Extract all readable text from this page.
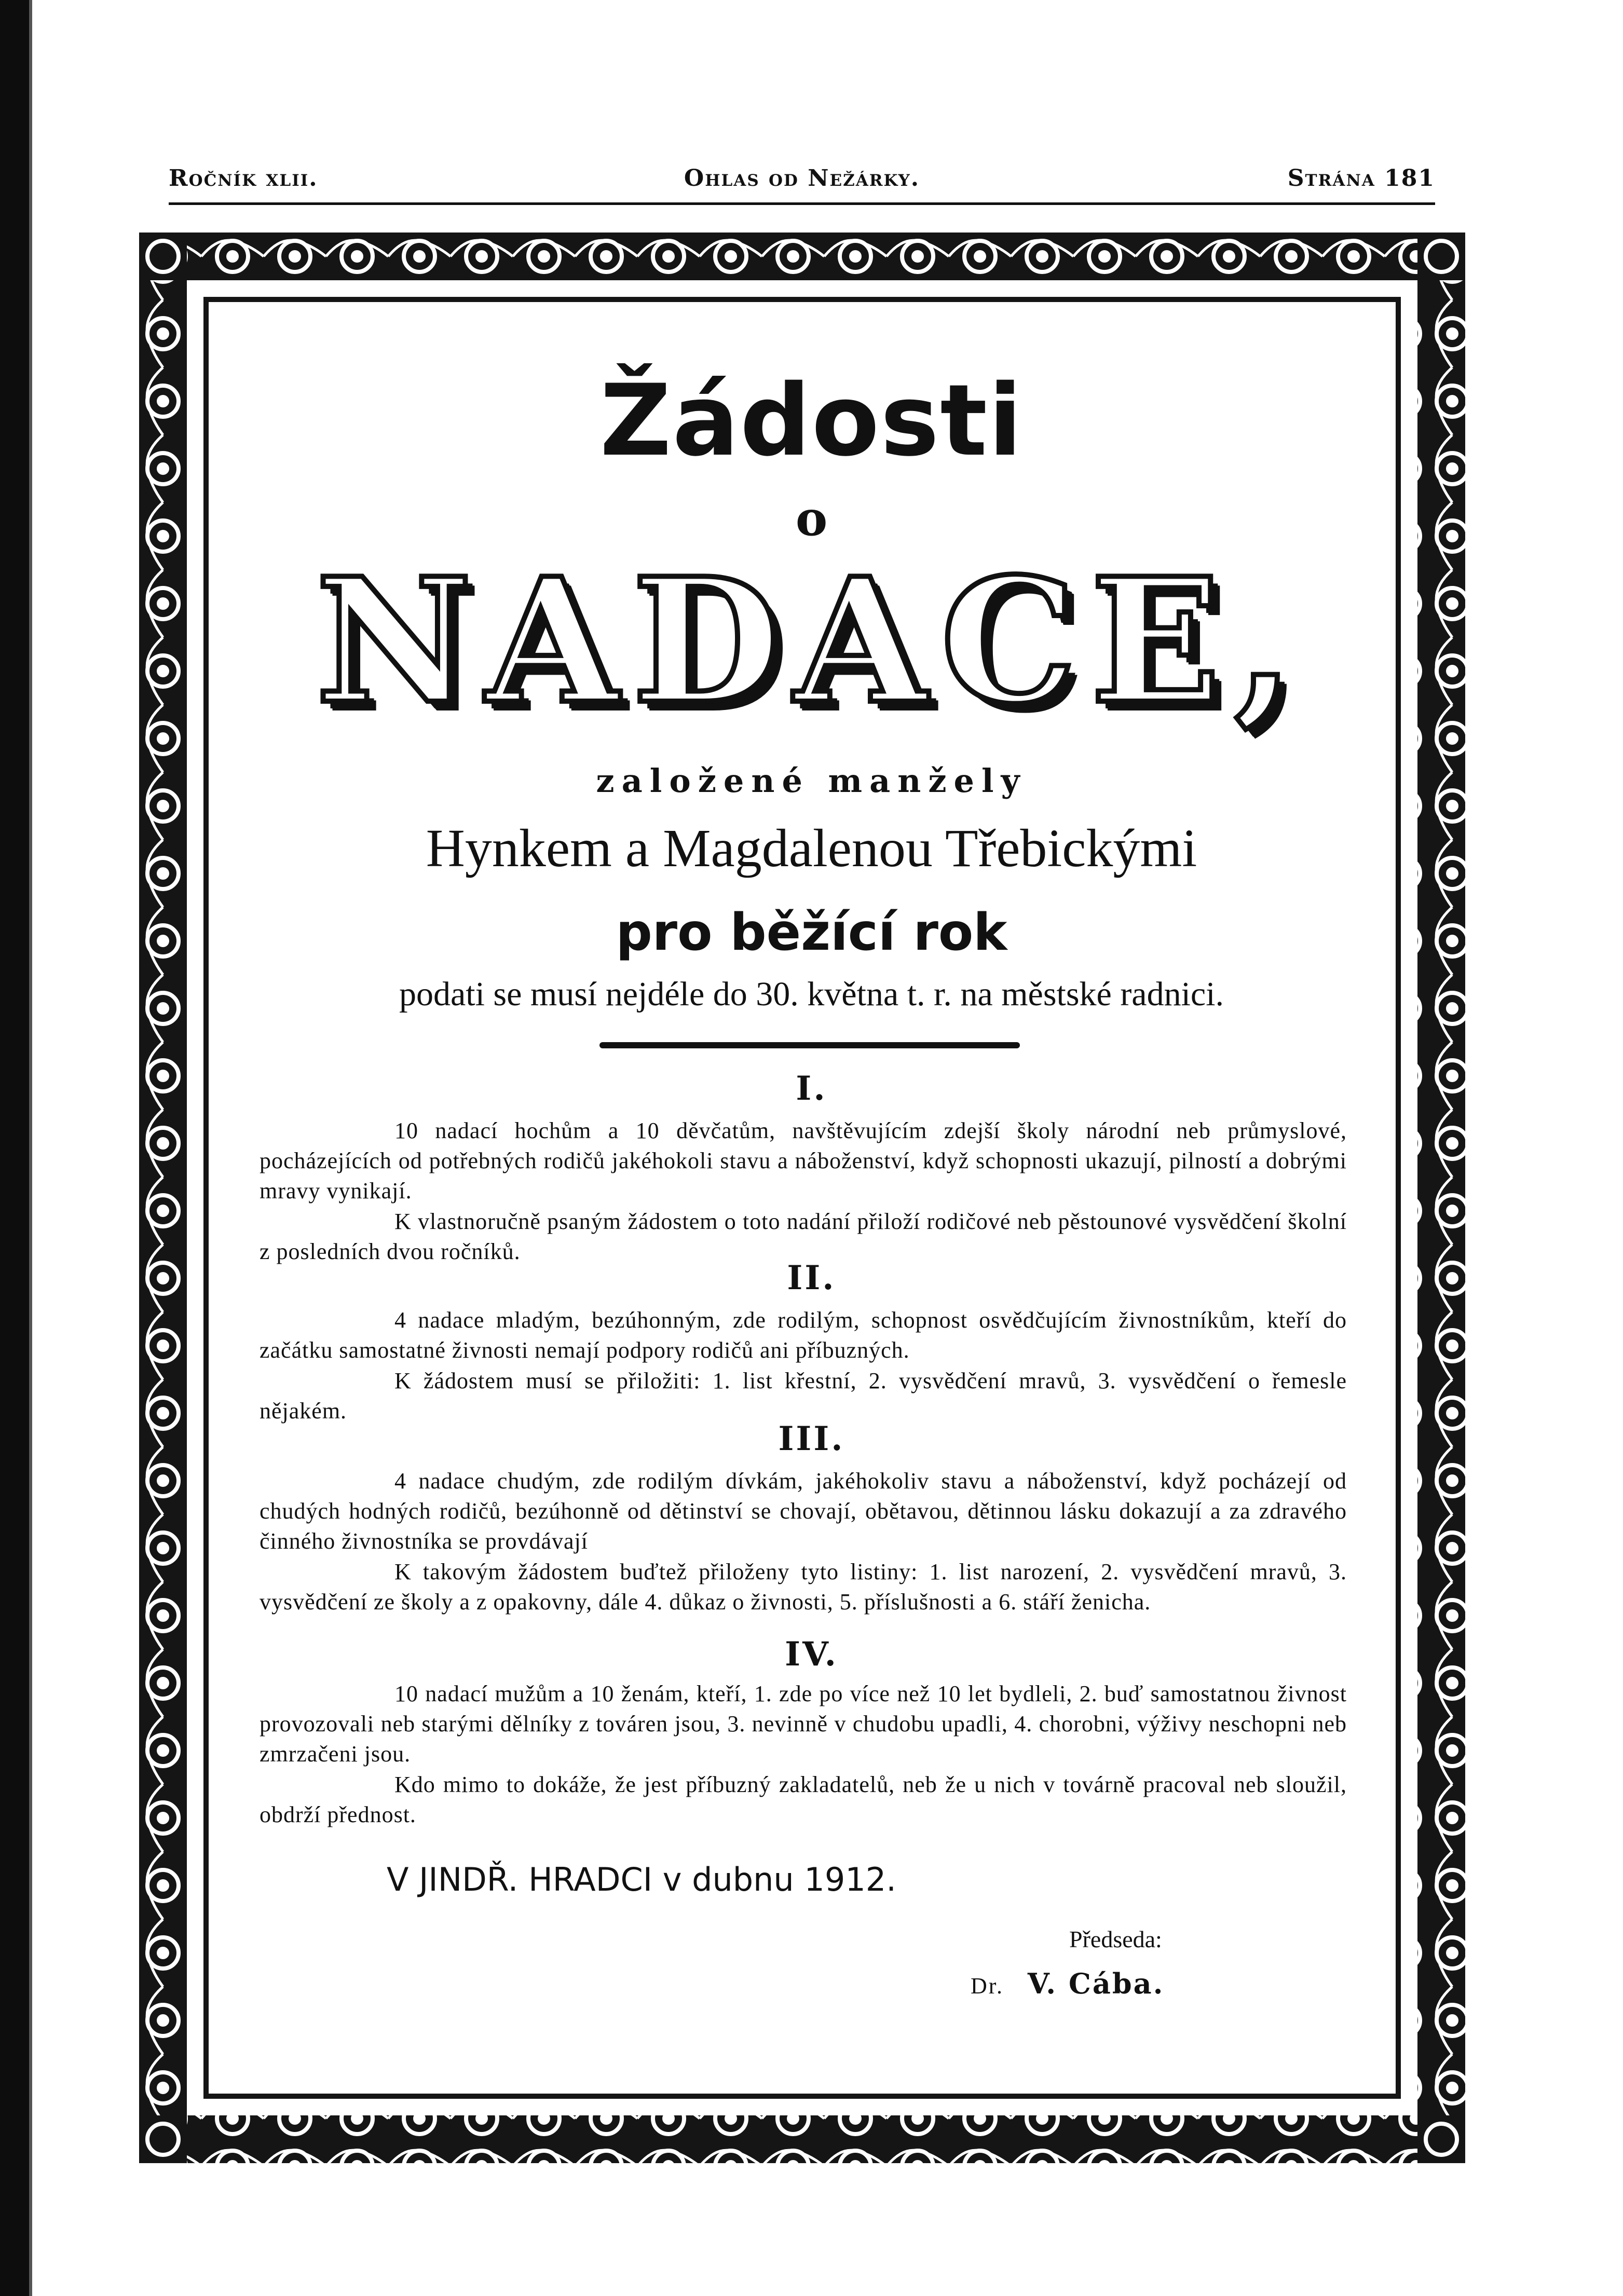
Ročník xlii.	Ohlas od Nežárky.	Strána 181
Žádosti
o
NADACE,
založené manžely
Hynkem a Magdalenou Třebickými
pro běžící rok
podati se musí nejdéle do 30. května t. r. na městské radnici.
I.
10 nadací hochům a 10 děvčatům, navštěvujícím zdejší školy národní neb průmyslové, pocházejících od potřebných rodičů jakéhokoli stavu a náboženství, když schopnosti ukazují, pilností a dobrými mravy vynikají.
K vlastnoručně psaným žádostem o toto nadání přiloží rodičové neb pěstounové vysvědčení školní z posledních dvou ročníků.
II.
4 nadace mladým, bezúhonným, zde rodilým, schopnost osvědčujícím živnostníkům, kteří do začátku samostatné živnosti nemají podpory rodičů ani příbuzných.
K žádostem musí se přiložiti: 1. list křestní, 2. vysvědčení mravů, 3. vysvědčení o řemesle nějakém.
III.
4 nadace chudým, zde rodilým dívkám, jakéhokoliv stavu a náboženství, když pocházejí od chudých hodných rodičů, bezúhonně od dětinství se chovají, obětavou, dětinnou lásku dokazují a za zdravého činného živnostníka se provdávají
K takovým žádostem buďtež přiloženy tyto listiny: 1. list narození, 2. vysvědčení mravů, 3. vysvědčení ze školy a z opakovny, dále 4. důkaz o živnosti, 5. příslušnosti a 6. stáří ženicha.
IV.
10 nadací mužům a 10 ženám, kteří, 1. zde po více než 10 let bydleli, 2. buď samostatnou živnost provozovali neb starými dělníky z továren jsou, 3. nevinně v chudobu upadli, 4. chorobni, výživy neschopni neb zmrzačeni jsou.
Kdo mimo to dokáže, že jest příbuzný zakladatelů, neb že u nich v továrně pracoval neb sloužil, obdrží přednost.
V JINDŘ. HRADCI v dubnu 1912.
Předseda:
Dr. V. Cába.
